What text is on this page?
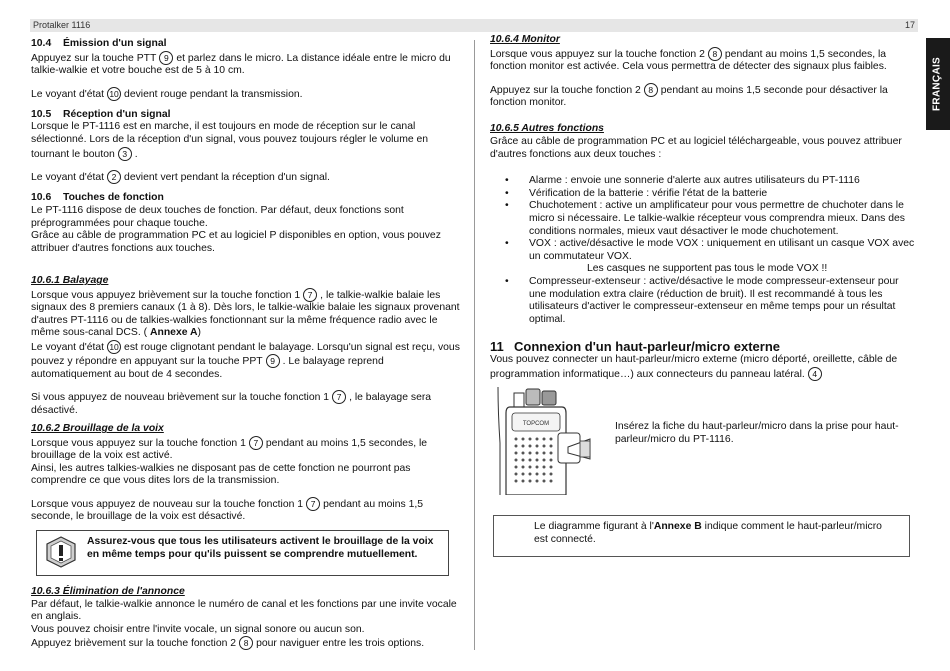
Protalker 1116	17
FRANÇAIS

10.4 Émission d'un signal

Appuyez sur la touche PTT 9 et parlez dans le micro. La distance idéale entre le micro du talkie-walkie et votre bouche est de 5 à 10 cm.

Le voyant d'état 10 devient rouge pendant la transmission.

10.5 Réception d'un signal

Lorsque le PT-1116 est en marche, il est toujours en mode de réception sur le canal sélectionné. Lors de la réception d'un signal, vous pouvez toujours régler le volume en tournant le bouton 3 .

Le voyant d'état 2 devient vert pendant la réception d'un signal.

10.6 Touches de fonction

Le PT-1116 dispose de deux touches de fonction. Par défaut, deux fonctions sont préprogrammées pour chaque touche.

Grâce au câble de programmation PC et au logiciel P disponibles en option, vous pouvez attribuer d'autres fonctions aux touches.

10.6.1 Balayage

Lorsque vous appuyez brièvement sur la touche fonction 1 7 , le talkie-walkie balaie les signaux des 8 premiers canaux (1 à 8). Dès lors, le talkie-walkie balaie les signaux provenant d'autres PT-1116 ou de talkies-walkies fonctionnant sur la même fréquence radio avec le même sous-canal DCS. ( Annexe A)

Le voyant d'état 10 est rouge clignotant pendant le balayage. Lorsqu'un signal est reçu, vous pouvez y répondre en appuyant sur la touche PPT 9 . Le balayage reprend automatiquement au bout de 4 secondes.

Si vous appuyez de nouveau brièvement sur la touche fonction 1 7 , le balayage sera désactivé.

10.6.2 Brouillage de la voix

Lorsque vous appuyez sur la touche fonction 1 7 pendant au moins 1,5 secondes, le brouillage de la voix est activé.

Ainsi, les autres talkies-walkies ne disposant pas de cette fonction ne pourront pas comprendre ce que vous dites lors de la transmission.

Lorsque vous appuyez de nouveau sur la touche fonction 1 7 pendant au moins 1,5 seconde, le brouillage de la voix est désactivé.

Assurez-vous que tous les utilisateurs activent le brouillage de la voix en même temps pour qu'ils puissent se comprendre mutuellement.

10.6.3 Élimination de l'annonce

Par défaut, le talkie-walkie annonce le numéro de canal et les fonctions par une invite vocale en anglais.

Vous pouvez choisir entre l'invite vocale, un signal sonore ou aucun son.

Appuyez brièvement sur la touche fonction 2 8 pour naviguer entre les trois options.

10.6.4 Monitor

Lorsque vous appuyez sur la touche fonction 2 8 pendant au moins 1,5 secondes, la fonction monitor est activée. Cela vous permettra de détecter des signaux plus faibles.

Appuyez sur la touche fonction 2 8 pendant au moins 1,5 seconde pour désactiver la fonction monitor.

10.6.5 Autres fonctions

Grâce au câble de programmation PC et au logiciel téléchargeable, vous pouvez attribuer d'autres fonctions aux deux touches :

• Alarme : envoie une sonnerie d'alerte aux autres utilisateurs du PT-1116
• Vérification de la batterie : vérifie l'état de la batterie
• Chuchotement : active un amplificateur pour vous permettre de chuchoter dans le micro si nécessaire. Le talkie-walkie récepteur vous comprendra mieux. Dans des conditions normales, mieux vaut désactiver le mode chuchotement.
• VOX : active/désactive le mode VOX : uniquement en utilisant un casque VOX avec un commutateur VOX.

Les casques ne supportent pas tous le mode VOX !!

• Compresseur-extenseur : active/désactive le mode compresseur-extenseur pour une modulation extra claire (réduction de bruit). Il est recommandé à tous les utilisateurs d'activer le compresseur-extenseur en même temps pour un résultat optimal.

11 Connexion d'un haut-parleur/micro externe

Vous pouvez connecter un haut-parleur/micro externe (micro déporté, oreillette, câble de programmation informatique…) aux connecteurs du panneau latéral. 4

TOPCOM	Insérez la fiche du haut-parleur/micro dans la prise pour haut-parleur/micro du PT-1116.

Le diagramme figurant à l'Annexe B indique comment le haut-parleur/micro est connecté.
